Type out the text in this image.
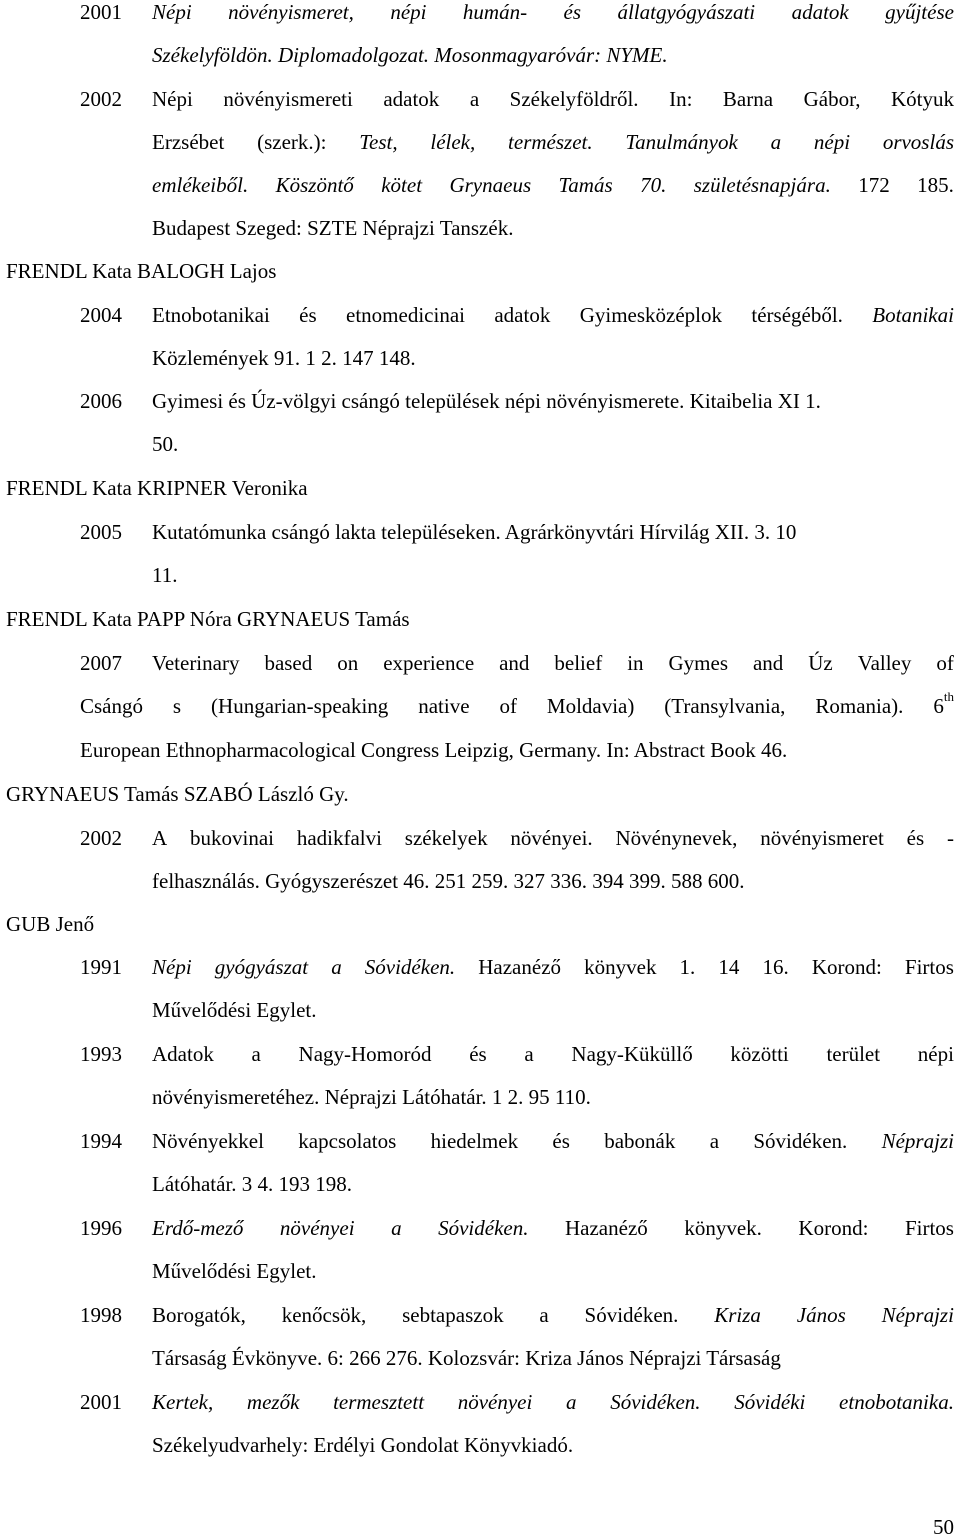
2001 Népi növényismeret, népi humán- és állatgyógyászati adatok gyűjtése
Székelyföldön. Diplomadolgozat. Mosonmagyaróvár: NYME.
2002 Népi növényismereti adatok a Székelyföldről. In: Barna Gábor, Kótyuk
Erzsébet (szerk.): Test, lélek, természet. Tanulmányok a népi orvoslás
emlékeiből. Köszöntő kötet Grynaeus Tamás 70. születésnapjára. 172 185.
Budapest Szeged: SZTE Néprajzi Tanszék.
FRENDL Kata BALOGH Lajos
2004 Etnobotanikai és etnomedicinai adatok Gyimesközéplok térségéből. Botanikai
Közlemények 91. 1 2. 147 148.
2006 Gyimesi és Úz-völgyi csángó települések népi növényismerete. Kitaibelia XI 1.
50.
FRENDL Kata KRIPNER Veronika
2005 Kutatómunka csángó lakta településeken. Agrárkönyvtári Hírvilág XII. 3. 10
11.
FRENDL Kata PAPP Nóra GRYNAEUS Tamás
2007 Veterinary based on experience and belief in Gymes and Úz Valley of
Csángó s (Hungarian-speaking native of Moldavia) (Transylvania, Romania). 6th
European Ethnopharmacological Congress Leipzig, Germany. In: Abstract Book 46.
GRYNAEUS Tamás SZABÓ László Gy.
2002 A bukovinai hadikfalvi székelyek növényei. Növénynevek, növényismeret és -
felhasználás. Gyógyszerészet 46. 251 259. 327 336. 394 399. 588 600.
GUB Jenő
1991 Népi gyógyászat a Sóvidéken. Hazanéző könyvek 1. 14 16. Korond: Firtos
Művelődési Egylet.
1993 Adatok a Nagy-Homoród és a Nagy-Küküllő közötti terület népi
növényismeretéhez. Néprajzi Látóhatár. 1 2. 95 110.
1994 Növényekkel kapcsolatos hiedelmek és babonák a Sóvidéken. Néprajzi
Látóhatár. 3 4. 193 198.
1996 Erdő-mező növényei a Sóvidéken. Hazanéző könyvek. Korond: Firtos
Művelődési Egylet.
1998 Borogatók, kenőcsök, sebtapaszok a Sóvidéken. Kriza János Néprajzi
Társaság Évkönyve. 6: 266 276. Kolozsvár: Kriza János Néprajzi Társaság
2001 Kertek, mezők termesztett növényei a Sóvidéken. Sóvidéki etnobotanika.
Székelyudvarhely: Erdélyi Gondolat Könyvkiadó.
50
